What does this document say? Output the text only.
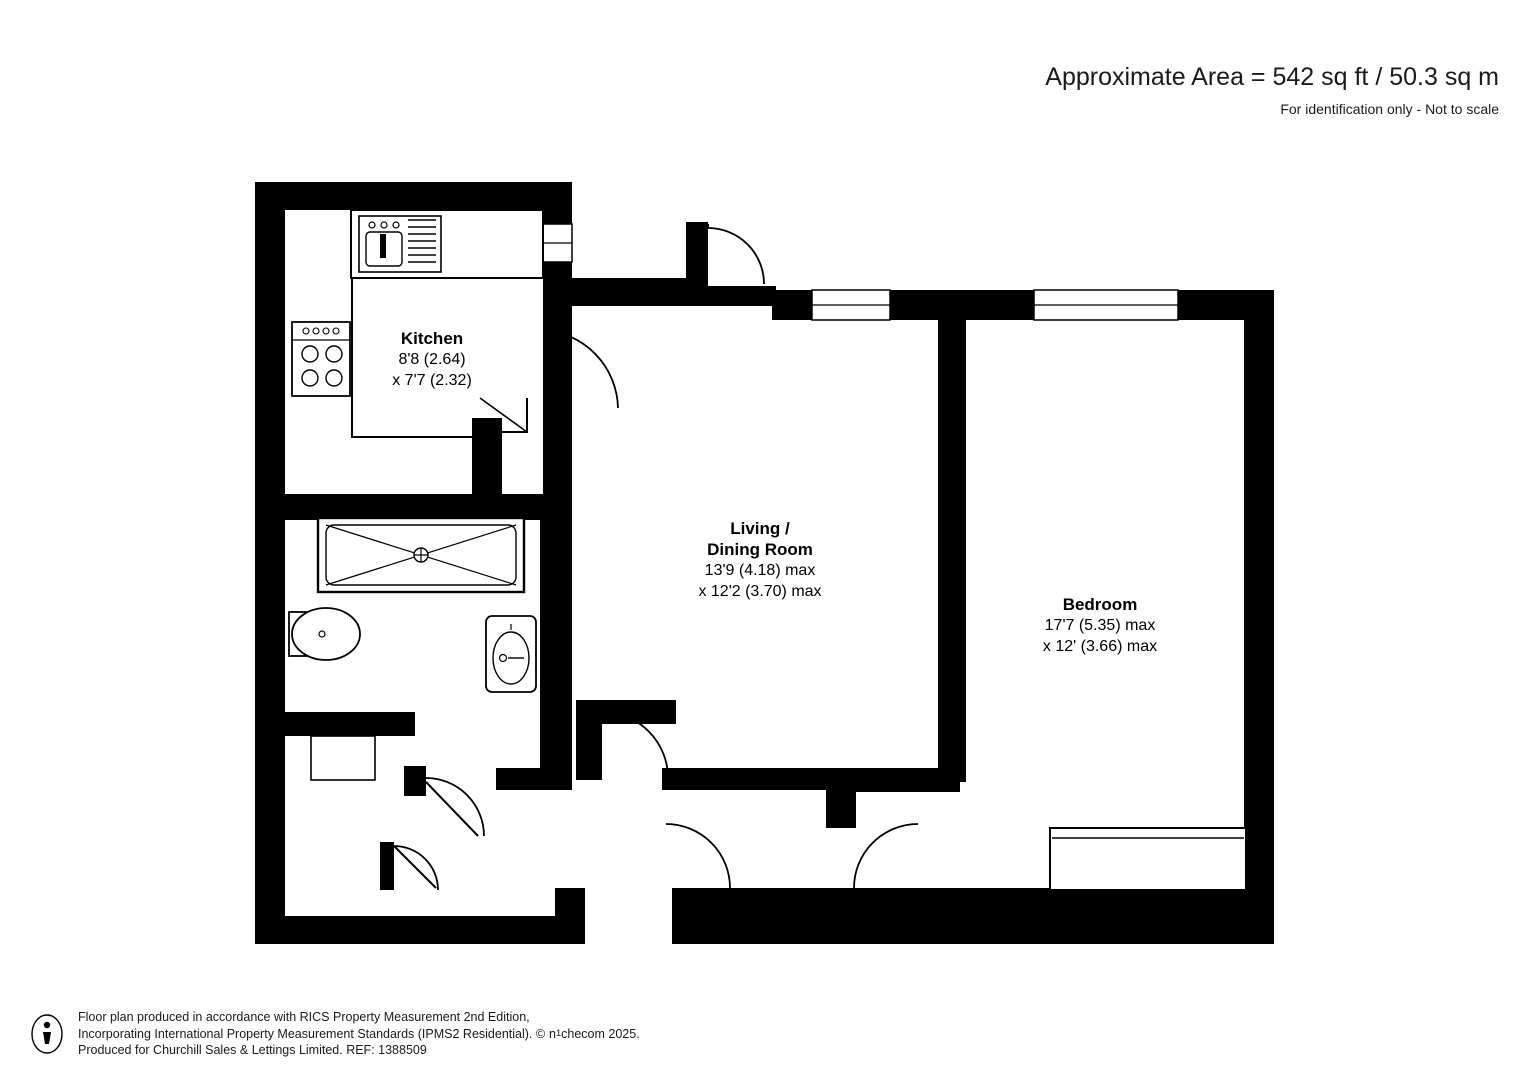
Approximate Area = 542 sq ft / 50.3 sq m
For identification only - Not to scale
Kitchen
8'8 (2.64)
x 7'7 (2.32)
Living /
Dining Room
13'9 (4.18) max
x 12'2 (3.70) max
Bedroom
17'7 (5.35) max
x 12' (3.66) max
Floor plan produced in accordance with RICS Property Measurement 2nd Edition,
Incorporating International Property Measurement Standards (IPMS2 Residential). © n1checom 2025.
Produced for Churchill Sales & Lettings Limited. REF: 1388509
